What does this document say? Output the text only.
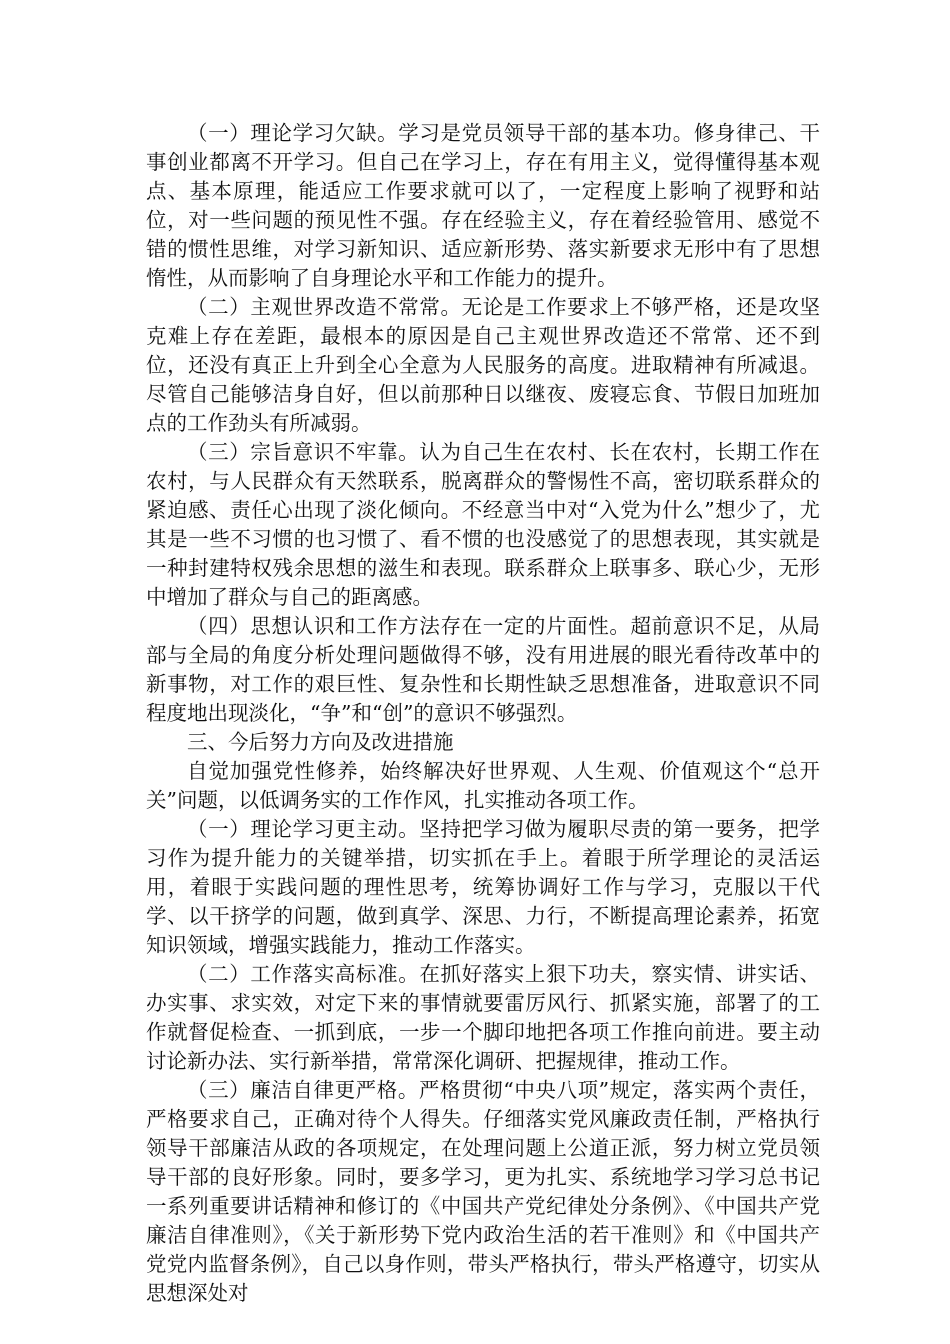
（一）理论学习欠缺。学习是党员领导干部的基本功。修身律己、干事创业都离不开学习。但自己在学习上，存在有用主义，觉得懂得基本观点、基本原理，能适应工作要求就可以了，一定程度上影响了视野和站位，对一些问题的预见性不强。存在经验主义，存在着经验管用、感觉不错的惯性思维，对学习新知识、适应新形势、落实新要求无形中有了思想惰性，从而影响了自身理论水平和工作能力的提升。

（二）主观世界改造不常常。无论是工作要求上不够严格，还是攻坚克难上存在差距，最根本的原因是自己主观世界改造还不常常、还不到位，还没有真正上升到全心全意为人民服务的高度。进取精神有所减退。尽管自己能够洁身自好，但以前那种日以继夜、废寝忘食、节假日加班加点的工作劲头有所减弱。

（三）宗旨意识不牢靠。认为自己生在农村、长在农村，长期工作在农村，与人民群众有天然联系，脱离群众的警惕性不高，密切联系群众的紧迫感、责任心出现了淡化倾向。不经意当中对“入党为什么”想少了，尤其是一些不习惯的也习惯了、看不惯的也没感觉了的思想表现，其实就是一种封建特权残余思想的滋生和表现。联系群众上联事多、联心少，无形中增加了群众与自己的距离感。

（四）思想认识和工作方法存在一定的片面性。超前意识不足，从局部与全局的角度分析处理问题做得不够，没有用进展的眼光看待改革中的新事物，对工作的艰巨性、复杂性和长期性缺乏思想准备，进取意识不同程度地出现淡化，“争”和“创”的意识不够强烈。

三、今后努力方向及改进措施

自觉加强党性修养，始终解决好世界观、人生观、价值观这个“总开关”问题，以低调务实的工作作风，扎实推动各项工作。

（一）理论学习更主动。坚持把学习做为履职尽责的第一要务，把学习作为提升能力的关键举措，切实抓在手上。着眼于所学理论的灵活运用，着眼于实践问题的理性思考，统筹协调好工作与学习，克服以干代学、以干挤学的问题，做到真学、深思、力行，不断提高理论素养，拓宽知识领域，增强实践能力，推动工作落实。

（二）工作落实高标准。在抓好落实上狠下功夫，察实情、讲实话、办实事、求实效，对定下来的事情就要雷厉风行、抓紧实施，部署了的工作就督促检查、一抓到底，一步一个脚印地把各项工作推向前进。要主动讨论新办法、实行新举措，常常深化调研、把握规律，推动工作。

（三）廉洁自律更严格。严格贯彻“中央八项”规定，落实两个责任，严格要求自己，正确对待个人得失。仔细落实党风廉政责任制，严格执行领导干部廉洁从政的各项规定，在处理问题上公道正派，努力树立党员领导干部的良好形象。同时，要多学习，更为扎实、系统地学习学习总书记一系列重要讲话精神和修订的《中国共产党纪律处分条例》、《中国共产党廉洁自律准则》，《关于新形势下党内政治生活的若干准则》和《中国共产党党内监督条例》，自己以身作则，带头严格执行，带头严格遵守，切实从思想深处对
